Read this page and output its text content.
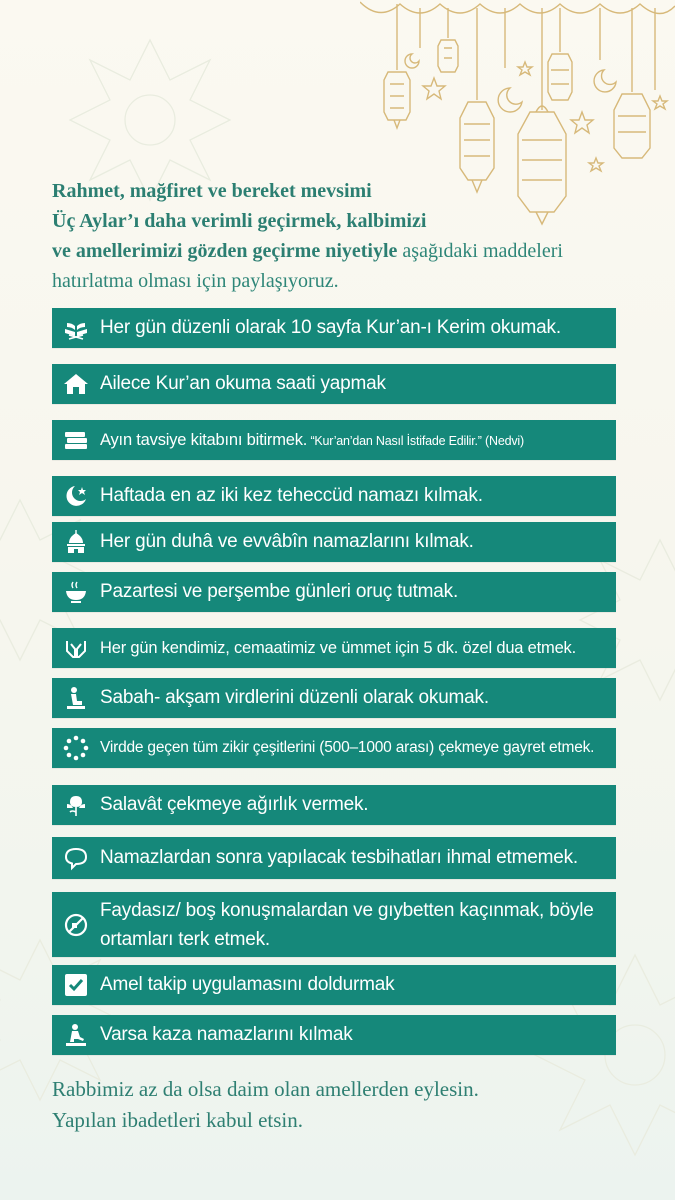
Rahmet, mağfiret ve bereket mevsimi
Üç Aylar’ı daha verimli geçirmek, kalbimizi
ve amellerimizi gözden geçirme niyetiyle aşağıdaki maddeleri hatırlatma olması için paylaşıyoruz.
Her gün düzenli olarak 10 sayfa Kur’an-ı Kerim okumak.
Ailece Kur’an okuma saati yapmak
Ayın tavsiye kitabını bitirmek. “Kur’an’dan Nasıl İstifade Edilir.” (Nedvi)
Haftada en az iki kez teheccüd namazı kılmak.
Her gün duhâ ve evvâbîn namazlarını kılmak.
Pazartesi ve perşembe günleri oruç tutmak.
Her gün kendimiz, cemaatimiz ve ümmet için 5 dk. özel dua etmek.
Sabah- akşam virdlerini düzenli olarak okumak.
Virdde geçen tüm zikir çeşitlerini (500–1000 arası) çekmeye gayret etmek.
Salavât çekmeye ağırlık vermek.
Namazlardan sonra yapılacak tesbihatları ihmal etmemek.
Faydasız/ boş konuşmalardan ve gıybetten kaçınmak, böyle ortamları terk etmek.
Amel takip uygulamasını doldurmak
Varsa kaza namazlarını kılmak
Rabbimiz az da olsa daim olan amellerden eylesin.
Yapılan ibadetleri kabul etsin.
